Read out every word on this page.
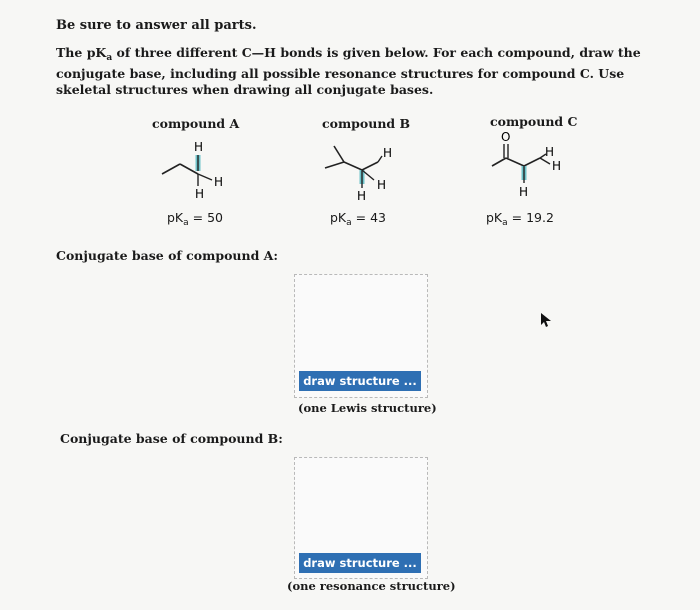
Be sure to answer all parts.
The $pK_a$ of three different C—H bonds is given below. For each compound, draw the conjugate base, including all possible resonance structures for compound C. Use skeletal structures when drawing all conjugate bases.
compound A
H
H
H
$pK_a = 50$
compound B
H
H
H
$pK_a = 43$
compound C
O
H
H
H
$pK_a = 19.2$
Conjugate base of compound A:
draw structure ...
(one Lewis structure)
Conjugate base of compound B:
draw structure ...
(one resonance structure)
